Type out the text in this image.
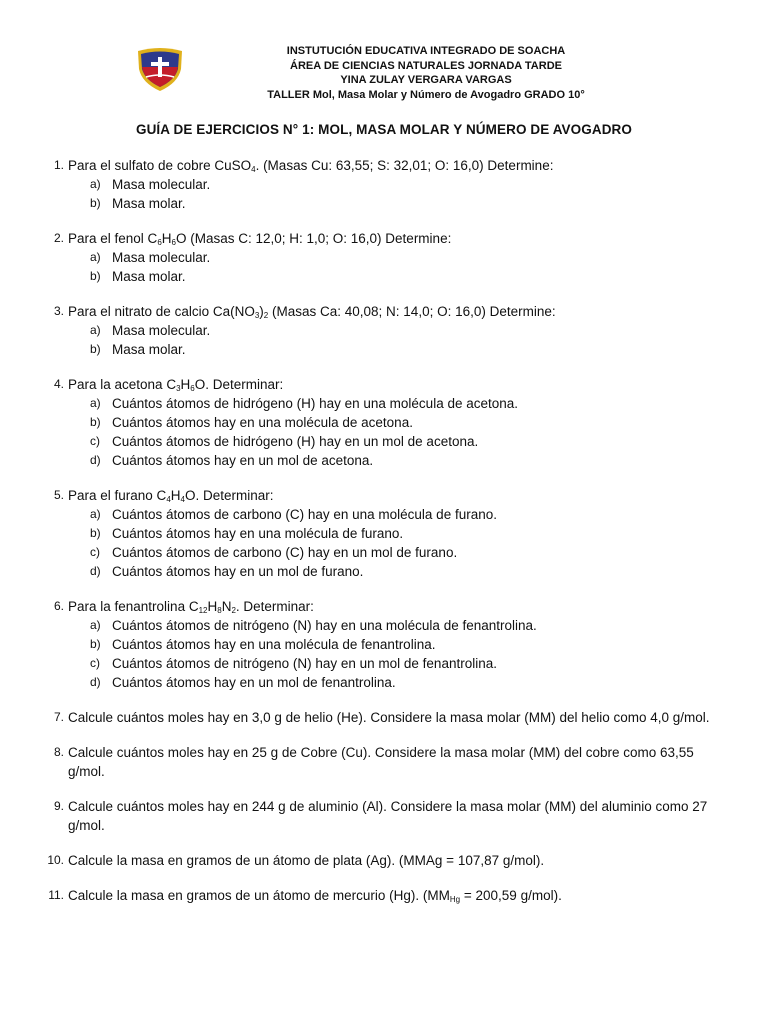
INSTUTUCIÓN EDUCATIVA INTEGRADO DE SOACHA
ÁREA DE CIENCIAS NATURALES JORNADA TARDE
YINA ZULAY VERGARA VARGAS
TALLER Mol, Masa Molar y Número de Avogadro GRADO 10°
GUÍA DE EJERCICIOS N° 1: MOL, MASA MOLAR Y NÚMERO DE AVOGADRO
1. Para el sulfato de cobre CuSO$_4$. (Masas Cu: 63,55; S: 32,01; O: 16,0) Determine:
a) Masa molecular.
b) Masa molar.
2. Para el fenol $C_6H_6O$ (Masas C: 12,0; H: 1,0; O: 16,0) Determine:
a) Masa molecular.
b) Masa molar.
3. Para el nitrato de calcio $Ca(NO_3)_2$ (Masas Ca: 40,08; N: 14,0; O: 16,0) Determine:
a) Masa molecular.
b) Masa molar.
4. Para la acetona $C_3H_6O$. Determinar:
a) Cuántos átomos de hidrógeno (H) hay en una molécula de acetona.
b) Cuántos átomos hay en una molécula de acetona.
c) Cuántos átomos de hidrógeno (H) hay en un mol de acetona.
d) Cuántos átomos hay en un mol de acetona.
5. Para el furano $C_4H_4O$. Determinar:
a) Cuántos átomos de carbono (C) hay en una molécula de furano.
b) Cuántos átomos hay en una molécula de furano.
c) Cuántos átomos de carbono (C) hay en un mol de furano.
d) Cuántos átomos hay en un mol de furano.
6. Para la fenantrolina $C_{12}H_8N_2$. Determinar:
a) Cuántos átomos de nitrógeno (N) hay en una molécula de fenantrolina.
b) Cuántos átomos hay en una molécula de fenantrolina.
c) Cuántos átomos de nitrógeno (N) hay en un mol de fenantrolina.
d) Cuántos átomos hay en un mol de fenantrolina.
7. Calcule cuántos moles hay en 3,0 g de helio (He). Considere la masa molar (MM) del helio como 4,0 g/mol.
8. Calcule cuántos moles hay en 25 g de Cobre (Cu). Considere la masa molar (MM) del cobre como 63,55 g/mol.
9. Calcule cuántos moles hay en 244 g de aluminio (Al). Considere la masa molar (MM) del aluminio como 27 g/mol.
10. Calcule la masa en gramos de un átomo de plata (Ag). (MMAg = 107,87 g/mol).
11. Calcule la masa en gramos de un átomo de mercurio (Hg). ($MM_{Hg} = 200,59$ g/mol).
